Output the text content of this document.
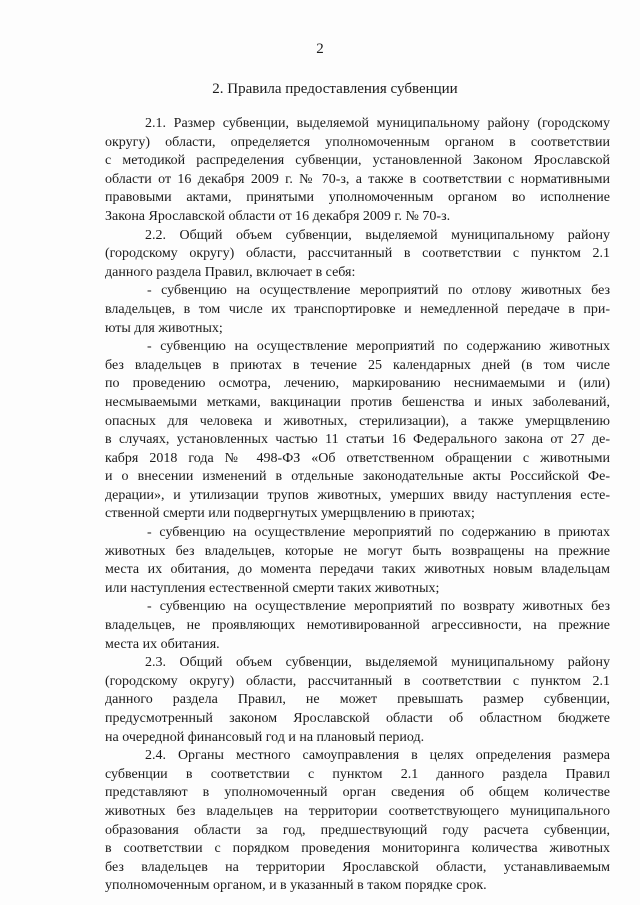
2
2. Правила предоставления субвенции
2.1. Размер субвенции, выделяемой муниципальному району (городскому
округу) области, определяется уполномоченным органом в соответствии
с методикой распределения субвенции, установленной Законом Ярославской
области от 16 декабря 2009 г. № 70-з, а также в соответствии с нормативными
правовыми актами, принятыми уполномоченным органом во исполнение
Закона Ярославской области от 16 декабря 2009 г. № 70-з.
2.2. Общий объем субвенции, выделяемой муниципальному району
(городскому округу) области, рассчитанный в соответствии с пунктом 2.1
данного раздела Правил, включает в себя:
- субвенцию на осуществление мероприятий по отлову животных без
владельцев, в том числе их транспортировке и немедленной передаче в при-
юты для животных;
- субвенцию на осуществление мероприятий по содержанию животных
без владельцев в приютах в течение 25 календарных дней (в том числе
по проведению осмотра, лечению, маркированию неснимаемыми и (или)
несмываемыми метками, вакцинации против бешенства и иных заболеваний,
опасных для человека и животных, стерилизации), а также умерщвлению
в случаях, установленных частью 11 статьи 16 Федерального закона от 27 де-
кабря 2018 года № 498-ФЗ «Об ответственном обращении с животными
и о внесении изменений в отдельные законодательные акты Российской Фе-
дерации», и утилизации трупов животных, умерших ввиду наступления есте-
ственной смерти или подвергнутых умерщвлению в приютах;
- субвенцию на осуществление мероприятий по содержанию в приютах
животных без владельцев, которые не могут быть возвращены на прежние
места их обитания, до момента передачи таких животных новым владельцам
или наступления естественной смерти таких животных;
- субвенцию на осуществление мероприятий по возврату животных без
владельцев, не проявляющих немотивированной агрессивности, на прежние
места их обитания.
2.3. Общий объем субвенции, выделяемой муниципальному району
(городскому округу) области, рассчитанный в соответствии с пунктом 2.1
данного раздела Правил, не может превышать размер субвенции,
предусмотренный законом Ярославской области об областном бюджете
на очередной финансовый год и на плановый период.
2.4. Органы местного самоуправления в целях определения размера
субвенции в соответствии с пунктом 2.1 данного раздела Правил
представляют в уполномоченный орган сведения об общем количестве
животных без владельцев на территории соответствующего муниципального
образования области за год, предшествующий году расчета субвенции,
в соответствии с порядком проведения мониторинга количества животных
без владельцев на территории Ярославской области, устанавливаемым
уполномоченным органом, и в указанный в таком порядке срок.
